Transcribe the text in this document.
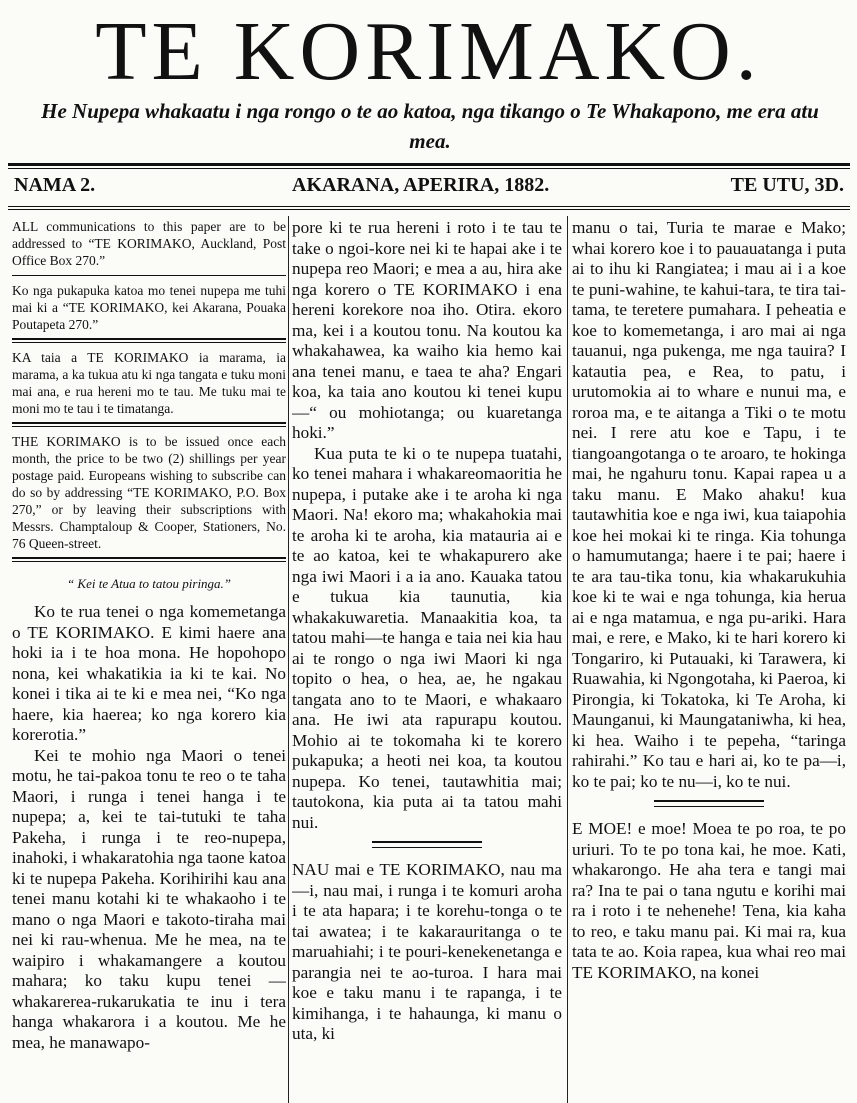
TE KORIMAKO.
He Nupepa whakaatu i nga rongo o te ao katoa, nga tikango o Te Whakapono, me era atu mea.
NAMA 2.	AKARANA, APERIRA, 1882.	TE UTU, 3D.

ALL communications to this paper are to be addressed to “TE KORIMAKO, Auckland, Post Office Box 270.”

Ko nga pukapuka katoa mo tenei nupepa me tuhi mai ki a “TE KORIMAKO, kei Akarana, Pouaka Poutapeta 270.”

KA taia a TE KORIMAKO ia marama, ia marama, a ka tukua atu ki nga tangata e tuku moni mai ana, e rua hereni mo te tau. Me tuku mai te moni mo te tau i te timatanga.

THE KORIMAKO is to be issued once each month, the price to be two (2) shillings per year postage paid. Europeans wishing to subscribe can do so by addressing “TE KORIMAKO, P.O. Box 270,” or by leaving their subscriptions with Messrs. Champtaloup & Cooper, Stationers, No. 76 Queen-street.

“ Kei te Atua to tatou piringa.”

Ko te rua tenei o nga komemetanga o TE KORIMAKO. E kimi haere ana hoki ia i te hoa mona. He hopohopo nona, kei whakatikia ia ki te kai. No konei i tika ai te ki e mea nei, “Ko nga haere, kia haerea; ko nga korero kia korerotia.”

Kei te mohio nga Maori o tenei motu, he tai-pakoa tonu te reo o te taha Maori, i runga i tenei hanga i te nupepa; a, kei te tai-tutuki te taha Pakeha, i runga i te reo-nupepa, inahoki, i whakaratohia nga taone katoa ki te nupepa Pakeha. Korihirihi kau ana tenei manu kotahi ki te whakaoho i te mano o nga Maori e takoto-tiraha mai nei ki rau-whenua. Me he mea, na te waipiro i whakamangere a koutou mahara; ko taku kupu tenei —whakarerea-rukarukatia te inu i tera hanga whakarora i a koutou. Me he mea, he manawapo-

pore ki te rua hereni i roto i te tau te take o ngoi-kore nei ki te hapai ake i te nupepa reo Maori; e mea a au, hira ake nga korero o TE KORIMAKO i ena hereni korekore noa iho. Otira. ekoro ma, kei i a koutou tonu. Na koutou ka whakahawea, ka waiho kia hemo kai ana tenei manu, e taea te aha? Engari koa, ka taia ano koutou ki tenei kupu—“ ou mohiotanga; ou kuaretanga hoki.”

Kua puta te ki o te nupepa tuatahi, ko tenei mahara i whakareomaoritia he nupepa, i putake ake i te aroha ki nga Maori. Na! ekoro ma; whakahokia mai te aroha ki te aroha, kia matauria ai e te ao katoa, kei te whakapurero ake nga iwi Maori i a ia ano. Kauaka tatou e tukua kia taunutia, kia whakakuwaretia. Manaakitia koa, ta tatou mahi—te hanga e taia nei kia hau ai te rongo o nga iwi Maori ki nga topito o hea, o hea, ae, he ngakau tangata ano to te Maori, e whakaaro ana. He iwi ata rapurapu koutou. Mohio ai te tokomaha ki te korero pukapuka; a heoti nei koa, ta koutou nupepa. Ko tenei, tautawhitia mai; tautokona, kia puta ai ta tatou mahi nui.

NAU mai e TE KORIMAKO, nau ma—i, nau mai, i runga i te komuri aroha i te ata hapara; i te korehu-tonga o te tai awatea; i te kakarauritanga o te maruahiahi; i te pouri-kenekenetanga e parangia nei te ao-turoa. I hara mai koe e taku manu i te rapanga, i te kimihanga, i te hahaunga, ki manu o uta, ki

manu o tai, Turia te marae e Mako; whai korero koe i to pauauatanga i puta ai to ihu ki Rangiatea; i mau ai i a koe te puni-wahine, te kahui-tara, te tira tai-tama, te teretere pumahara. I peheatia e koe to komemetanga, i aro mai ai nga tauanui, nga pukenga, me nga tauira? I katautia pea, e Rea, to patu, i urutomokia ai to whare e nunui ma, e roroa ma, e te aitanga a Tiki o te motu nei. I rere atu koe e Tapu, i te tiangoangotanga o te aroaro, te hokinga mai, he ngahuru tonu. Kapai rapea u a taku manu. E Mako ahaku! kua tautawhitia koe e nga iwi, kua taiapohia koe hei mokai ki te ringa. Kia tohunga o hamumutanga; haere i te pai; haere i te ara tau-tika tonu, kia whakarukuhia koe ki te wai e nga tohunga, kia herua ai e nga matamua, e nga pu-ariki. Hara mai, e rere, e Mako, ki te hari korero ki Tongariro, ki Putauaki, ki Tarawera, ki Ruawahia, ki Ngongotaha, ki Paeroa, ki Pirongia, ki Tokatoka, ki Te Aroha, ki Maunganui, ki Maungataniwha, ki hea, ki hea. Waiho i te pepeha, “taringa rahirahi.” Ko tau e hari ai, ko te pa—i, ko te pai; ko te nu—i, ko te nui.

E MOE! e moe! Moea te po roa, te po uriuri. To te po tona kai, he moe. Kati, whakarongo. He aha tera e tangi mai ra? Ina te pai o tana ngutu e korihi mai ra i roto i te nehenehe! Tena, kia kaha to reo, e taku manu pai. Ki mai ra, kua tata te ao. Koia rapea, kua whai reo mai TE KORIMAKO, na konei
